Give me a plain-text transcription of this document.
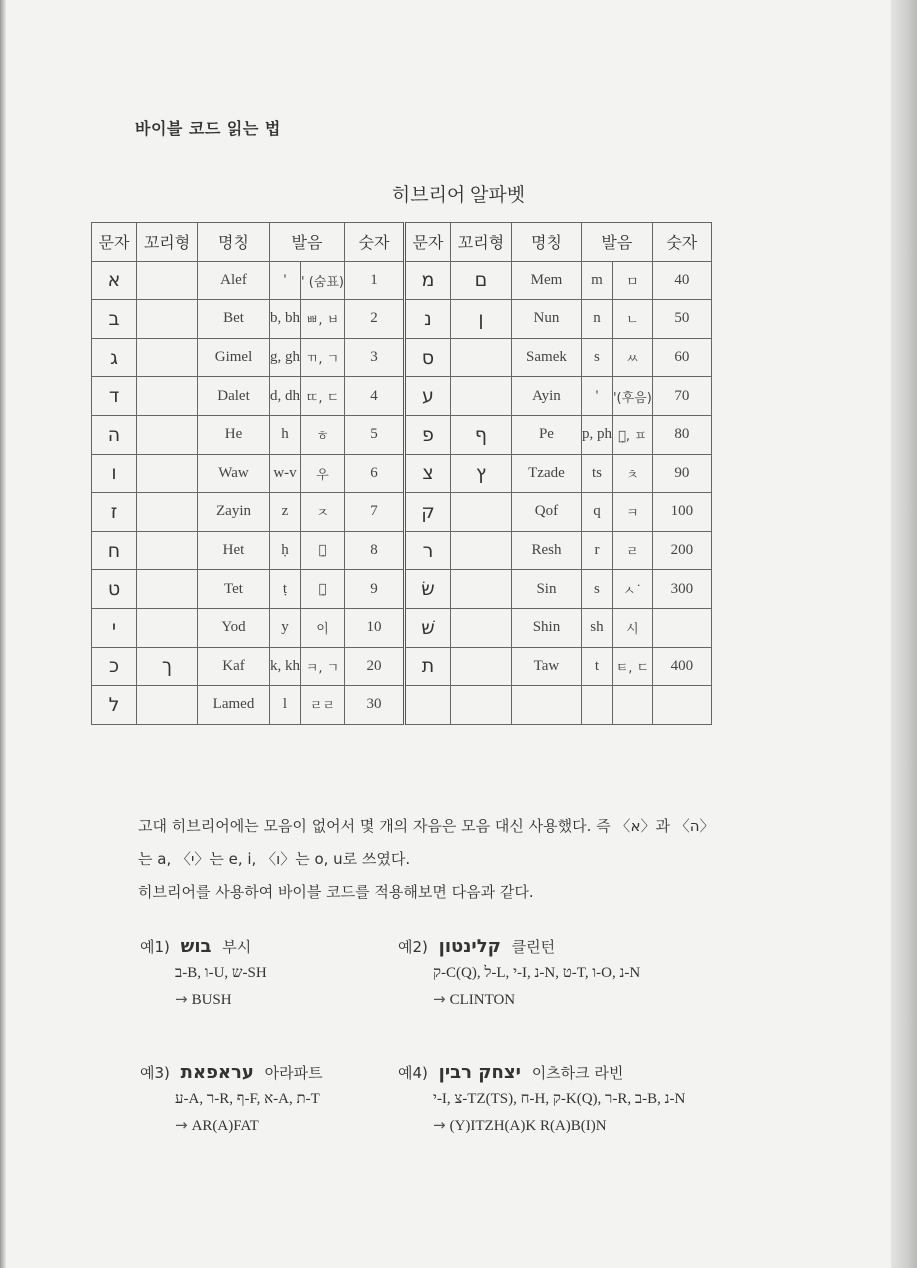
바이블 코드 읽는 법
히브리어 알파벳
문자	꼬리형	명칭	발음		숫자	문자	꼬리형	명칭	발음		숫자
א		Alef	'	' (숨표)	1	מ	ם	Mem	m	ㅁ	40
ב		Bet	b, bh	ㅃ, ㅂ	2	נ	ן	Nun	n	ㄴ	50
ג		Gimel	g, gh	ㄲ, ㄱ	3	ס		Samek	s	ㅆ	60
ד		Dalet	d, dh	ㄸ, ㄷ	4	ע		Ayin	'	'(후음)	70
ה		He	h	ㅎ	5	פ	ף	Pe	p, ph	ㅍ̣, ㅍ	80
ו		Waw	w-v	우	6	צ	ץ	Tzade	ts	ㅊ	90
ז		Zayin	z	ㅈ	7	ק		Qof	q	ㅋ	100
ח		Het	ḥ	ㅎ̣	8	ר		Resh	r	ㄹ	200
ט		Tet	ṭ	ㅌ̣	9	שׂ		Sin	s	ㅅ˙	300
י		Yod	y	이	10	שׁ		Shin	sh	시	
כ	ך	Kaf	k, kh	ㅋ, ㄱ	20	ת		Taw	t	ㅌ, ㄷ	400
ל		Lamed	l	ㄹㄹ	30						
고대 히브리어에는 모음이 없어서 몇 개의 자음은 모음 대신 사용했다. 즉 〈א〉과 〈ה〉
는 a, 〈י〉는 e, i, 〈ו〉는 o, u로 쓰였다.
히브리어를 사용하여 바이블 코드를 적용해보면 다음과 같다.
예1) בוש 부시
ב-B, ו-U, ש-SH
→ BUSH
예2) קלינטון 클린턴
ק-C(Q), ל-L, י-I, נ-N, ט-T, ו-O, נ-N
→ CLINTON
예3) עראפאת 아라파트
ע-A, ר-R, ף-F, א-A, ת-T
→ AR(A)FAT
예4) יצחק רבין 이츠하크 라빈
י-I, צ-TZ(TS), ח-H, ק-K(Q), ר-R, ב-B, נ-N
→ (Y)ITZH(A)K R(A)B(I)N
